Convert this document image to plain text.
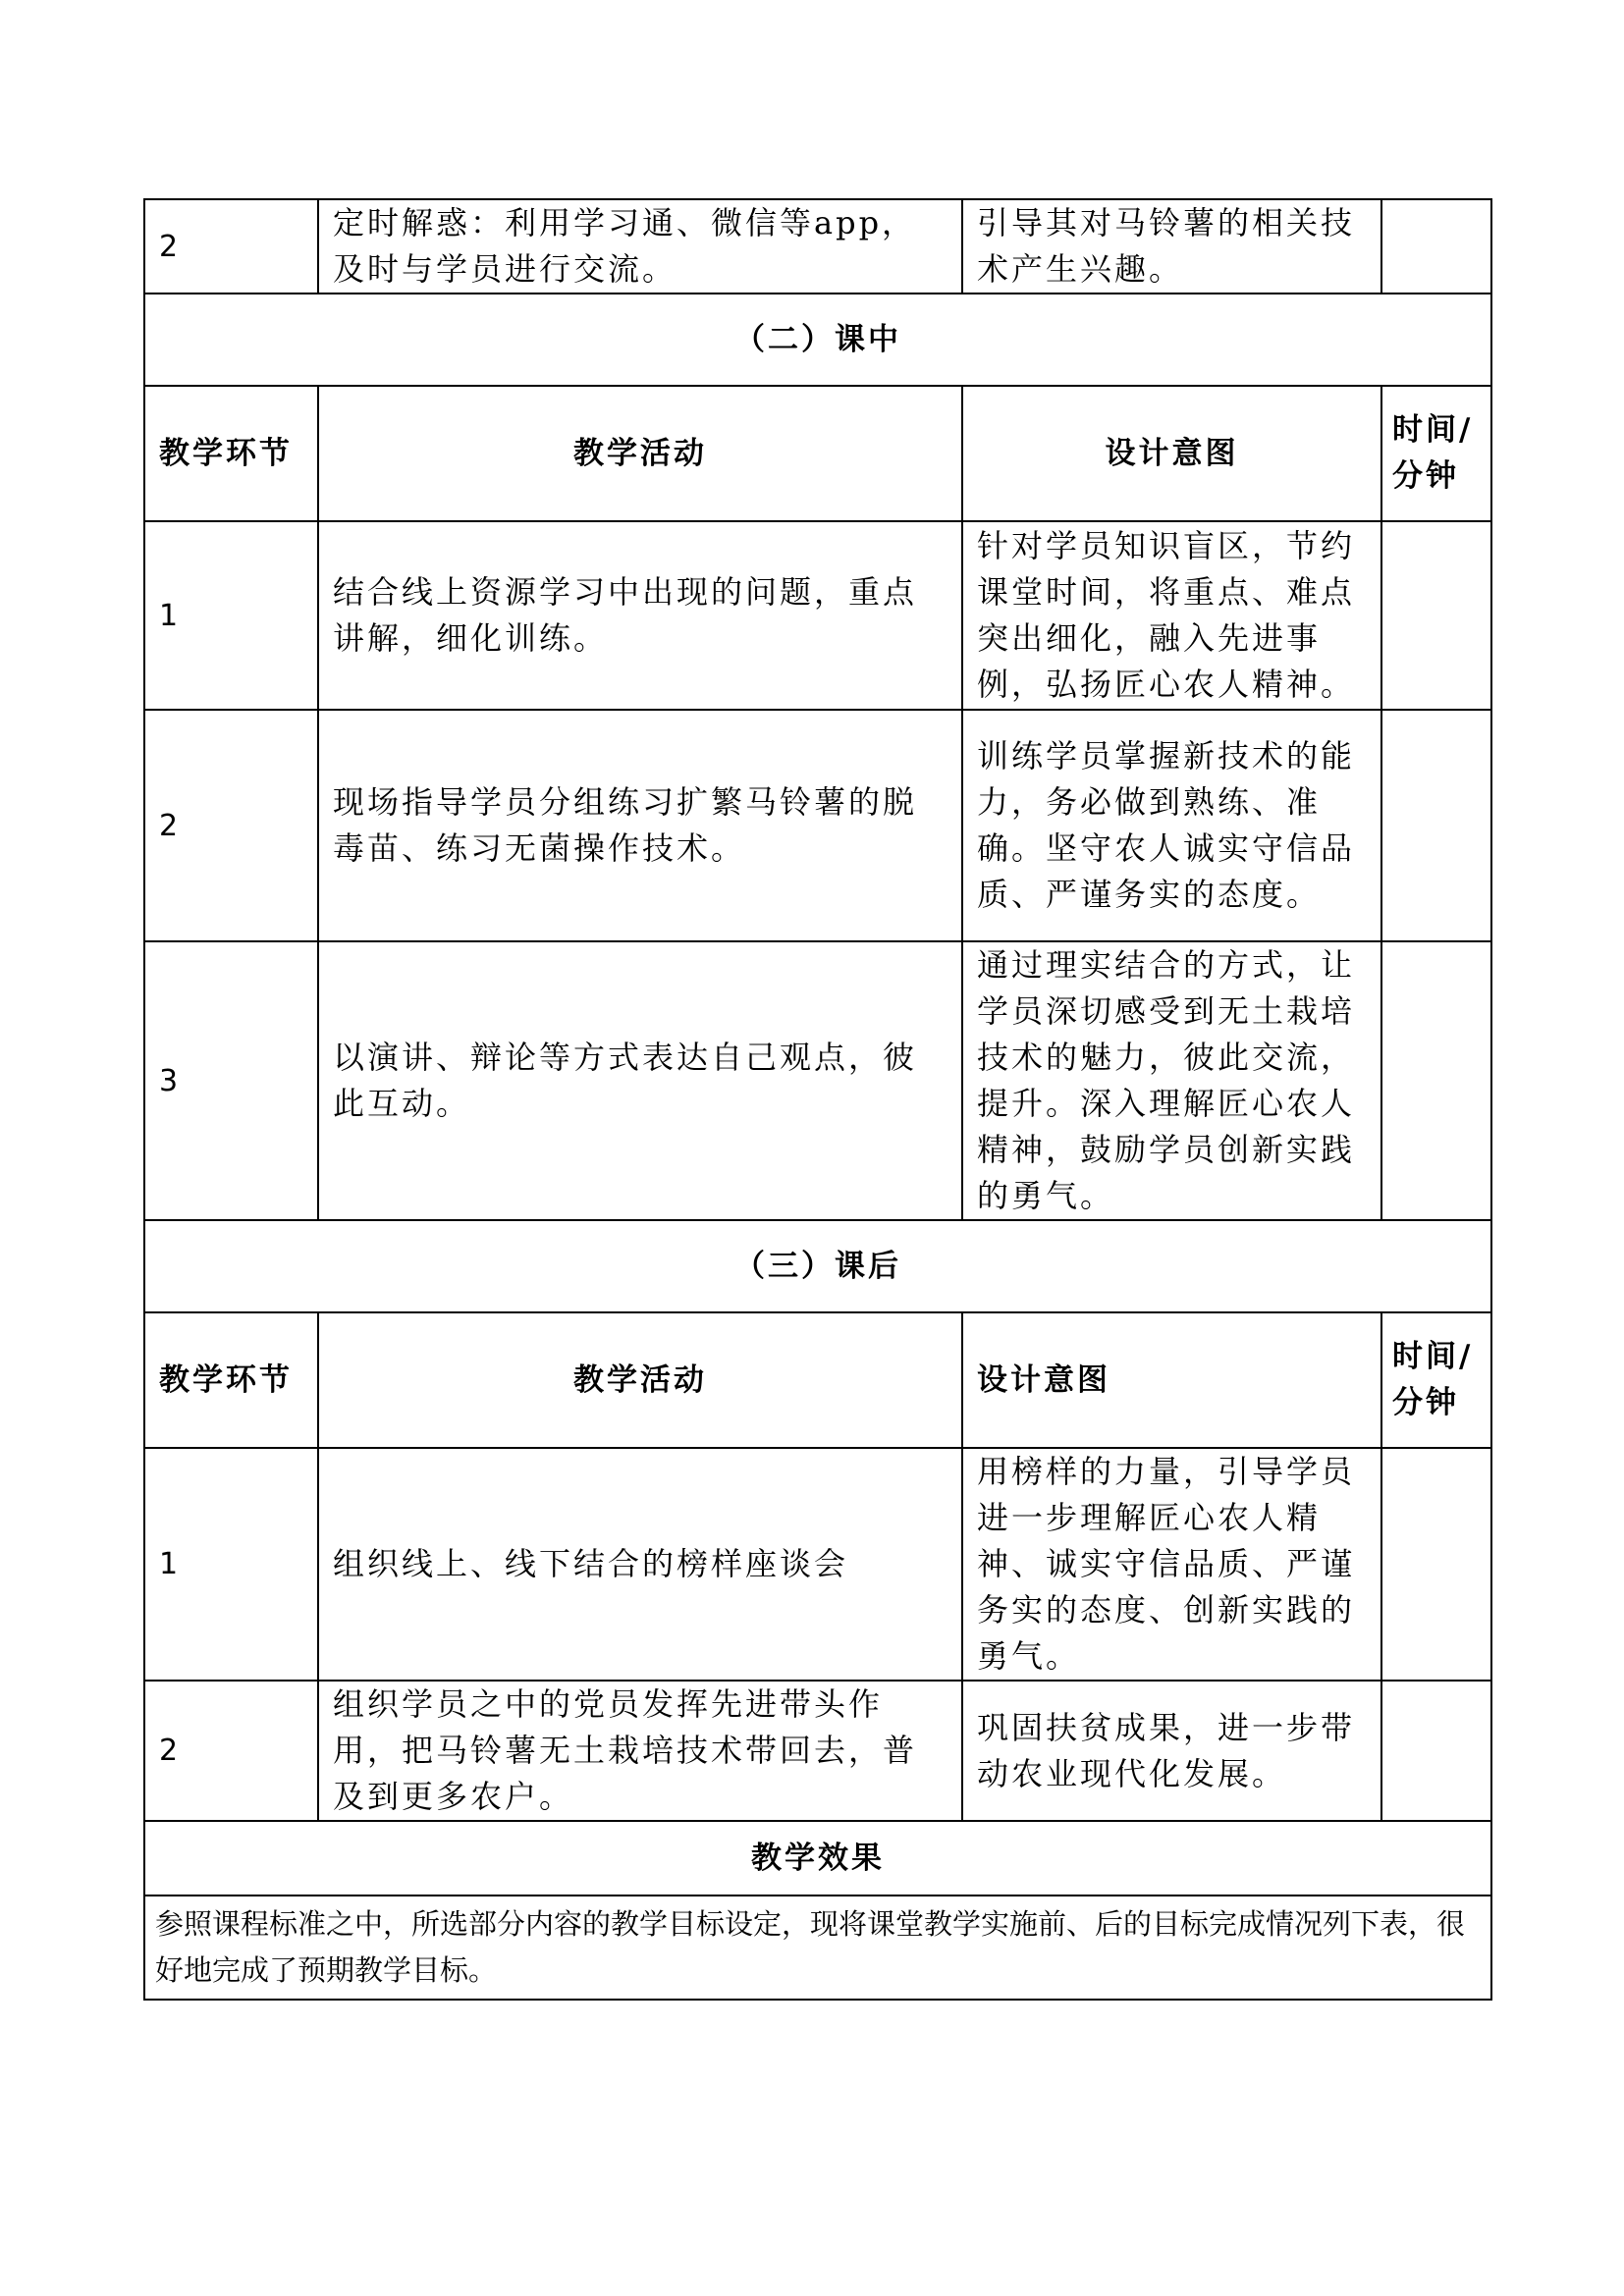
2	定时解惑：利用学习通、微信等app，及时与学员进行交流。	引导其对马铃薯的相关技术产生兴趣。	
（二）课中			
教学环节	教学活动	设计意图	时间/分钟
1	结合线上资源学习中出现的问题，重点讲解，细化训练。	针对学员知识盲区，节约课堂时间，将重点、难点突出细化，融入先进事例，弘扬匠心农人精神。	
2	现场指导学员分组练习扩繁马铃薯的脱毒苗、练习无菌操作技术。	训练学员掌握新技术的能力，务必做到熟练、准确。坚守农人诚实守信品质、严谨务实的态度。	
3	以演讲、辩论等方式表达自己观点，彼此互动。	通过理实结合的方式，让学员深切感受到无土栽培技术的魅力，彼此交流，提升。深入理解匠心农人精神，鼓励学员创新实践的勇气。	
（三）课后			
教学环节	教学活动	设计意图	时间/分钟
1	组织线上、线下结合的榜样座谈会	用榜样的力量，引导学员进一步理解匠心农人精神、诚实守信品质、严谨务实的态度、创新实践的勇气。	
2	组织学员之中的党员发挥先进带头作用，把马铃薯无土栽培技术带回去，普及到更多农户。	巩固扶贫成果，进一步带动农业现代化发展。	
教学效果			
参照课程标准之中，所选部分内容的教学目标设定，现将课堂教学实施前、后的目标完成情况列下表，很好地完成了预期教学目标。			
